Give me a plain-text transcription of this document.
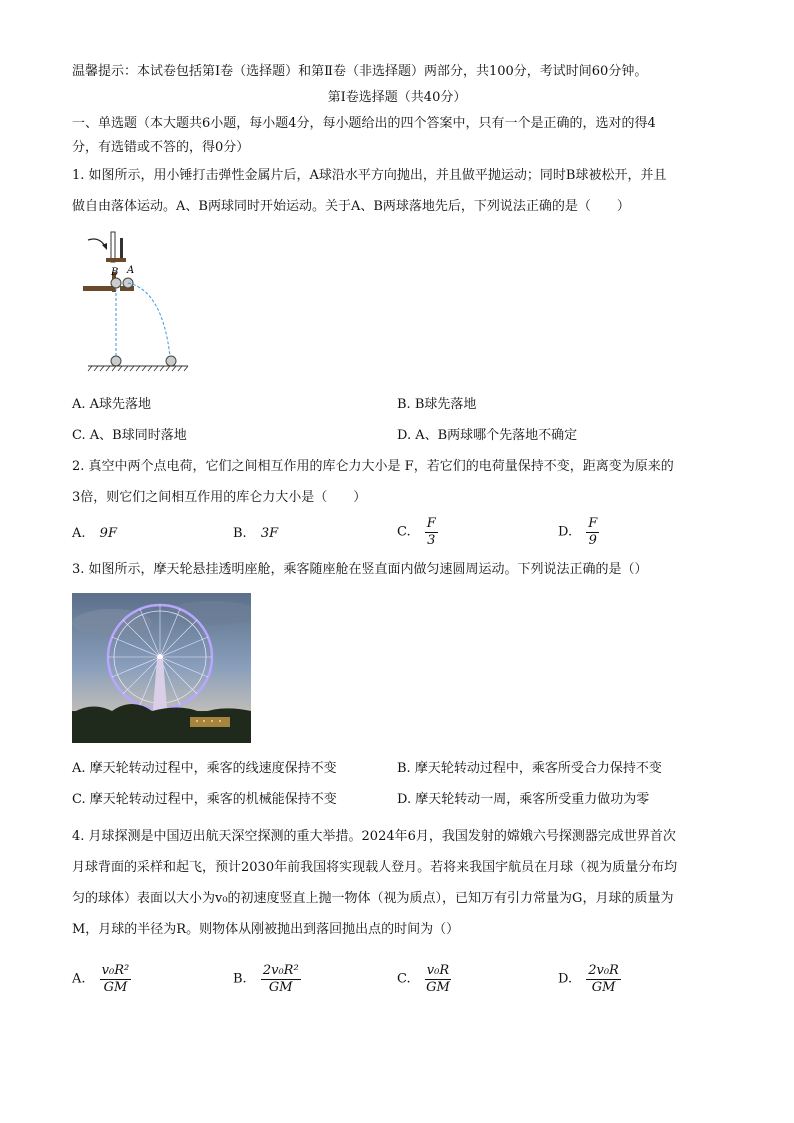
温馨提示：本试卷包括第Ⅰ卷（选择题）和第Ⅱ卷（非选择题）两部分，共100分，考试时间60分钟。
第Ⅰ卷选择题（共40分）
一、单选题（本大题共6小题，每小题4分，每小题给出的四个答案中，只有一个是正确的，选对的得4
分，有选错或不答的，得0分）
1. 如图所示，用小锤打击弹性金属片后，A球沿水平方向抛出，并且做平抛运动；同时B球被松开，并且
做自由落体运动。A、B两球同时开始运动。关于A、B两球落地先后，下列说法正确的是（　　）
B A
A. A球先落地	B. B球先落地
C. A、B球同时落地	D. A、B两球哪个先落地不确定
2. 真空中两个点电荷，它们之间相互作用的库仑力大小是 F，若它们的电荷量保持不变，距离变为原来的
3倍，则它们之间相互作用的库仑力大小是（　　）
A. 9F	B. 3F	C. $\frac{F}{3}$	D. $\frac{F}{9}$
3. 如图所示，摩天轮悬挂透明座舱，乘客随座舱在竖直面内做匀速圆周运动。下列说法正确的是（）
A. 摩天轮转动过程中，乘客的线速度保持不变	B. 摩天轮转动过程中，乘客所受合力保持不变
C. 摩天轮转动过程中，乘客的机械能保持不变	D. 摩天轮转动一周，乘客所受重力做功为零
4. 月球探测是中国迈出航天深空探测的重大举措。2024年6月，我国发射的嫦娥六号探测器完成世界首次
月球背面的采样和起飞，预计2030年前我国将实现载人登月。若将来我国宇航员在月球（视为质量分布均
匀的球体）表面以大小为v₀的初速度竖直上抛一物体（视为质点），已知万有引力常量为G，月球的质量为
M，月球的半径为R。则物体从刚被抛出到落回抛出点的时间为（）
A. $\frac{\text{v₀R²}}{GM}$	B. $\frac{\text{2v₀R²}}{GM}$	C. $\frac{\text{v₀R}}{GM}$	D. $\frac{\text{2v₀R}}{GM}$
